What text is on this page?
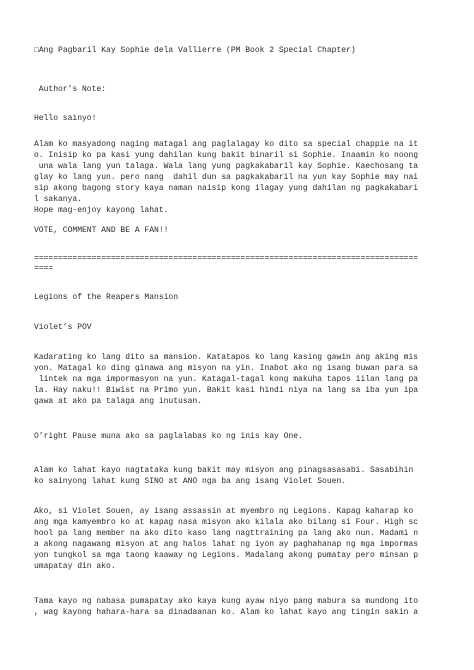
□Ang Pagbaril Kay Sophie dela Vallierre (PM Book 2 Special Chapter)

Author’s Note:

Hello sainyo!

Alam ko masyadong naging matagal ang paglalagay ko dito sa special chappie na it

o. Inisip ko pa kasi yung dahilan kung bakit binaril si Sophie. Inaamin ko noong

una wala lang yun talaga. Wala lang yung pagkakabaril kay Sophie. Kaechosang ta

glay ko lang yun. pero nang  dahil dun sa pagkakabaril na yun kay Sophie may nai

sip akong bagong story kaya naman naisip kong ilagay yung dahilan ng pagkakabari

l sakanya.

Hope mag-enjoy kayong lahat.

VOTE, COMMENT AND BE A FAN!!

================================================================================

====

Legions of the Reapers Mansion

Violet’s POV

Kadarating ko lang dito sa mansion. Katatapos ko lang kasing gawin ang aking mis

yon. Matagal ko ding ginawa ang misyon na yin. Inabot ako ng isang buwan para sa

lintek na mga impormasyon na yun. Katagal-tagal kong makuha tapos iilan lang pa

la. Hay naku!! Biwist na Primo yun. Bakit kasi hindi niya na lang sa iba yun ipa

gawa at ako pa talaga ang inutusan.

O’right Pause muna ako sa paglalabas ko ng inis kay One.

Alam ko lahat kayo nagtataka kung bakit may misyon ang pinagsasasabi. Sasabihin

ko sainyong lahat kung SINO at ANO nga ba ang isang Violet Souen.

Ako, si Violet Souen, ay isang assassin at myembro ng Legions. Kapag kaharap ko

ang mga kamyembro ko at kapag nasa misyon ako kilala ako bilang si Four. High sc

hool pa lang member na ako dito kaso lang nagttraining pa lang ako nun. Madami n

a akong nagawang misyon at ang halos lahat ng iyon ay paghahanap ng mga impormas

yon tungkol sa mga taong kaaway ng Legions. Madalang akong pumatay pero minsan p

umapatay din ako.

Tama kayo ng nabasa pumapatay ako kaya kung ayaw niyo pang mabura sa mundong ito

, wag kayong hahara-hara sa dinadaanan ko. Alam ko lahat kayo ang tingin sakin a
